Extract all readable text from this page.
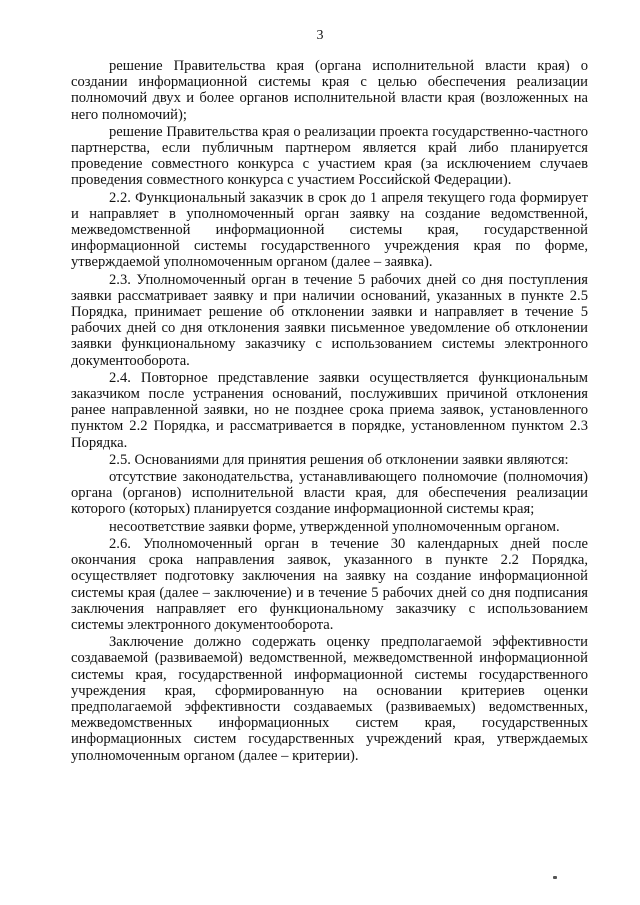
3

решение Правительства края (органа исполнительной власти края) о создании информационной системы края с целью обеспечения реализации полномочий двух и более органов исполнительной власти края (возложенных на него полномочий);

решение Правительства края о реализации проекта государственно-частного партнерства, если публичным партнером является край либо планируется проведение совместного конкурса с участием края (за исключением случаев проведения совместного конкурса с участием Российской Федерации).

2.2. Функциональный заказчик в срок до 1 апреля текущего года формирует и направляет в уполномоченный орган заявку на создание ведомственной, межведомственной информационной системы края, государственной информационной системы государственного учреждения края по форме, утверждаемой уполномоченным органом (далее – заявка).

2.3. Уполномоченный орган в течение 5 рабочих дней со дня поступления заявки рассматривает заявку и при наличии оснований, указанных в пункте 2.5 Порядка, принимает решение об отклонении заявки и направляет в течение 5 рабочих дней со дня отклонения заявки письменное уведомление об отклонении заявки функциональному заказчику с использованием системы электронного документооборота.

2.4. Повторное представление заявки осуществляется функциональным заказчиком после устранения оснований, послуживших причиной отклонения ранее направленной заявки, но не позднее срока приема заявок, установленного пунктом 2.2 Порядка, и рассматривается в порядке, установленном пунктом 2.3 Порядка.

2.5. Основаниями для принятия решения об отклонении заявки являются:

отсутствие законодательства, устанавливающего полномочие (полномочия) органа (органов) исполнительной власти края, для обеспечения реализации которого (которых) планируется создание информационной системы края;

несоответствие заявки форме, утвержденной уполномоченным органом.

2.6. Уполномоченный орган в течение 30 календарных дней после окончания срока направления заявок, указанного в пункте 2.2 Порядка, осуществляет подготовку заключения на заявку на создание информационной системы края (далее – заключение) и в течение 5 рабочих дней со дня подписания заключения направляет его функциональному заказчику с использованием системы электронного документооборота.

Заключение должно содержать оценку предполагаемой эффективности создаваемой (развиваемой) ведомственной, межведомственной информационной системы края, государственной информационной системы государственного учреждения края, сформированную на основании критериев оценки предполагаемой эффективности создаваемых (развиваемых) ведомственных, межведомственных информационных систем края, государственных информационных систем государственных учреждений края, утверждаемых уполномоченным органом (далее – критерии).
